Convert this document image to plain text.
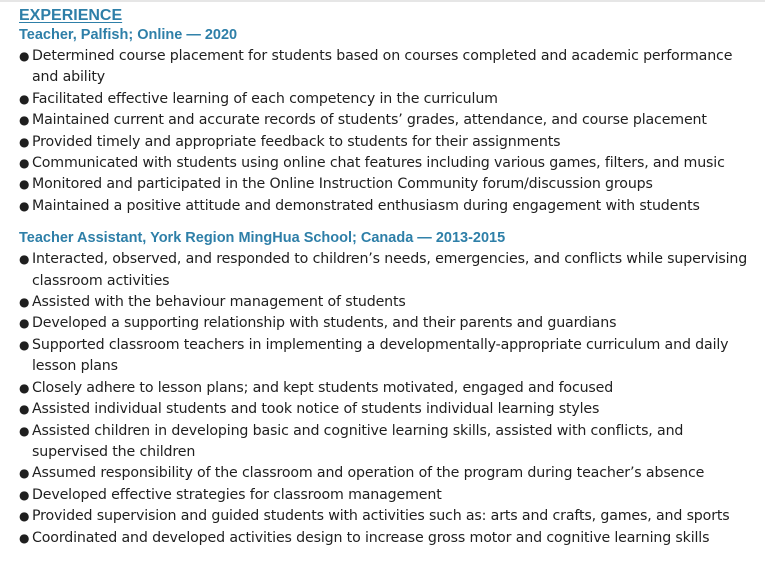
EXPERIENCE
Teacher, Palfish; Online — 2020
● Determined course placement for students based on courses completed and academic performance and ability
● Facilitated effective learning of each competency in the curriculum
● Maintained current and accurate records of students’ grades, attendance, and course placement
● Provided timely and appropriate feedback to students for their assignments
● Communicated with students using online chat features including various games, filters, and music
● Monitored and participated in the Online Instruction Community forum/discussion groups
● Maintained a positive attitude and demonstrated enthusiasm during engagement with students
Teacher Assistant, York Region MingHua School; Canada — 2013-2015
● Interacted, observed, and responded to children’s needs, emergencies, and conflicts while supervising classroom activities
● Assisted with the behaviour management of students
● Developed a supporting relationship with students, and their parents and guardians
● Supported classroom teachers in implementing a developmentally-appropriate curriculum and daily lesson plans
● Closely adhere to lesson plans; and kept students motivated, engaged and focused
● Assisted individual students and took notice of students individual learning styles
● Assisted children in developing basic and cognitive learning skills, assisted with conflicts, and supervised the children
● Assumed responsibility of the classroom and operation of the program during teacher’s absence
● Developed effective strategies for classroom management
● Provided supervision and guided students with activities such as: arts and crafts, games, and sports
● Coordinated and developed activities design to increase gross motor and cognitive learning skills
